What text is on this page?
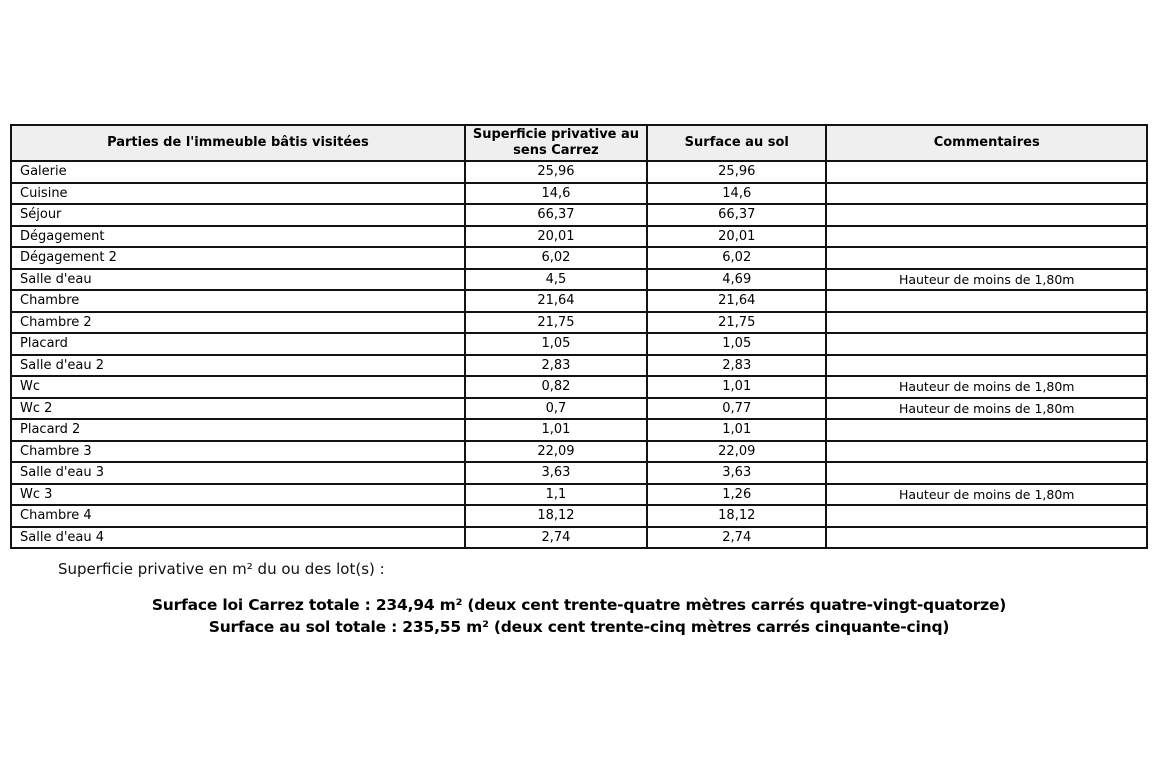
Parties de l'immeuble bâtis visitées	Superficie privative au sens Carrez	Surface au sol	Commentaires
Galerie	25,96	25,96	
Cuisine	14,6	14,6	
Séjour	66,37	66,37	
Dégagement	20,01	20,01	
Dégagement 2	6,02	6,02	
Salle d'eau	4,5	4,69	Hauteur de moins de 1,80m
Chambre	21,64	21,64	
Chambre 2	21,75	21,75	
Placard	1,05	1,05	
Salle d'eau 2	2,83	2,83	
Wc	0,82	1,01	Hauteur de moins de 1,80m
Wc 2	0,7	0,77	Hauteur de moins de 1,80m
Placard 2	1,01	1,01	
Chambre 3	22,09	22,09	
Salle d'eau 3	3,63	3,63	
Wc 3	1,1	1,26	Hauteur de moins de 1,80m
Chambre 4	18,12	18,12	
Salle d'eau 4	2,74	2,74	
Superficie privative en m² du ou des lot(s) :
Surface loi Carrez totale : 234,94 m² (deux cent trente-quatre mètres carrés quatre-vingt-quatorze)
Surface au sol totale : 235,55 m² (deux cent trente-cinq mètres carrés cinquante-cinq)
